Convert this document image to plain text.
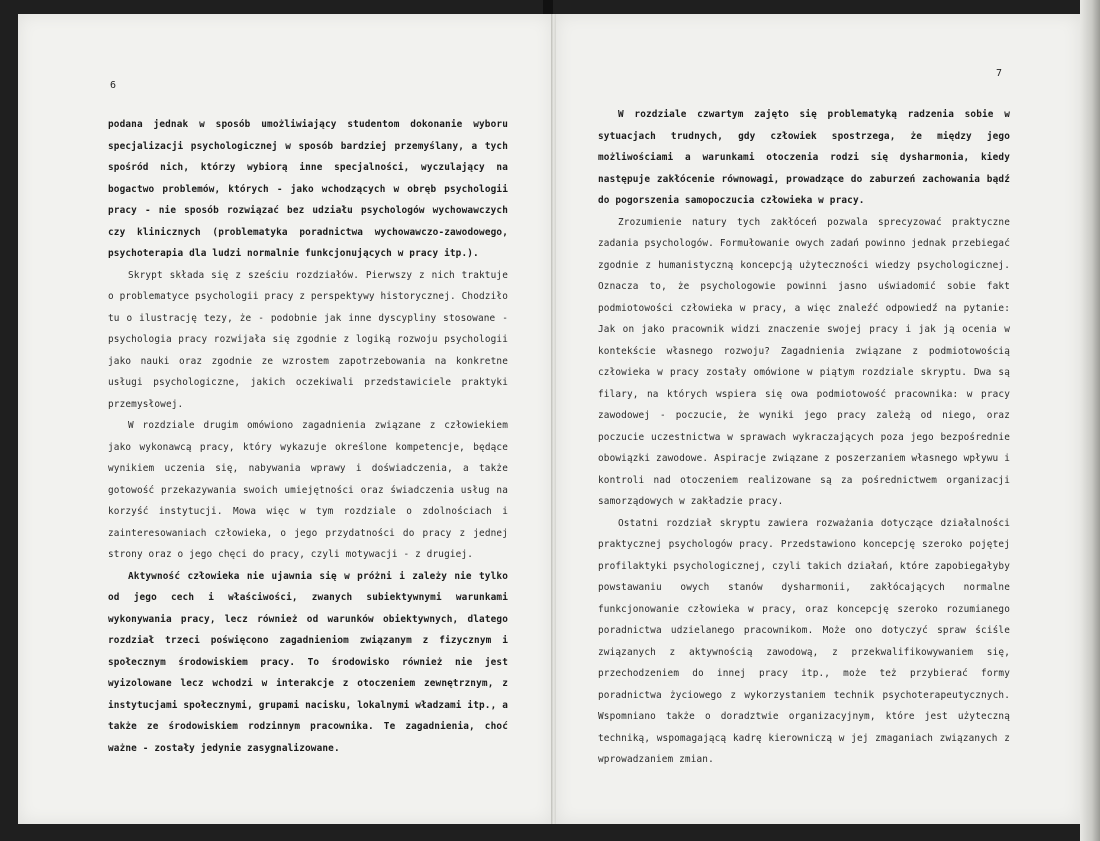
6
7

podana jednak w sposób umożliwiający studentom dokonanie wyboru specjalizacji psychologicznej w sposób bardziej przemyślany, a tych spośród nich, którzy wybiorą inne specjalności, wyczulający na bogactwo problemów, których - jako wchodzących w obręb psychologii pracy - nie sposób rozwiązać bez udziału psychologów wychowawczych czy klinicznych (problematyka poradnictwa wychowawczo-zawodowego, psychoterapia dla ludzi normalnie funkcjonujących w pracy itp.).

Skrypt składa się z sześciu rozdziałów. Pierwszy z nich traktuje o problematyce psychologii pracy z perspektywy historycznej. Chodziło tu o ilustrację tezy, że - podobnie jak inne dyscypliny stosowane - psychologia pracy rozwijała się zgodnie z logiką rozwoju psychologii jako nauki oraz zgodnie ze wzrostem zapotrzebowania na konkretne usługi psychologiczne, jakich oczekiwali przedstawiciele praktyki przemysłowej.

W rozdziale drugim omówiono zagadnienia związane z człowiekiem jako wykonawcą pracy, który wykazuje określone kompetencje, będące wynikiem uczenia się, nabywania wprawy i doświadczenia, a także gotowość przekazywania swoich umiejętności oraz świadczenia usług na korzyść instytucji. Mowa więc w tym rozdziale o zdolnościach i zainteresowaniach człowieka, o jego przydatności do pracy z jednej strony oraz o jego chęci do pracy, czyli motywacji - z drugiej.

Aktywność człowieka nie ujawnia się w próżni i zależy nie tylko od jego cech i właściwości, zwanych subiektywnymi warunkami wykonywania pracy, lecz również od warunków obiektywnych, dlatego rozdział trzeci poświęcono zagadnieniom związanym z fizycznym i społecznym środowiskiem pracy. To środowisko również nie jest wyizolowane lecz wchodzi w interakcje z otoczeniem zewnętrznym, z instytucjami społecznymi, grupami nacisku, lokalnymi władzami itp., a także ze środowiskiem rodzinnym pracownika. Te zagadnienia, choć ważne - zostały jedynie zasygnalizowane.

W rozdziale czwartym zajęto się problematyką radzenia sobie w sytuacjach trudnych, gdy człowiek spostrzega, że między jego możliwościami a warunkami otoczenia rodzi się dysharmonia, kiedy następuje zakłócenie równowagi, prowadzące do zaburzeń zachowania bądź do pogorszenia samopoczucia człowieka w pracy.

Zrozumienie natury tych zakłóceń pozwala sprecyzować praktyczne zadania psychologów. Formułowanie owych zadań powinno jednak przebiegać zgodnie z humanistyczną koncepcją użyteczności wiedzy psychologicznej. Oznacza to, że psychologowie powinni jasno uświadomić sobie fakt podmiotowości człowieka w pracy, a więc znaleźć odpowiedź na pytanie: Jak on jako pracownik widzi znaczenie swojej pracy i jak ją ocenia w kontekście własnego rozwoju? Zagadnienia związane z podmiotowością człowieka w pracy zostały omówione w piątym rozdziale skryptu. Dwa są filary, na których wspiera się owa podmiotowość pracownika: w pracy zawodowej - poczucie, że wyniki jego pracy zależą od niego, oraz poczucie uczestnictwa w sprawach wykraczających poza jego bezpośrednie obowiązki zawodowe. Aspiracje związane z poszerzaniem własnego wpływu i kontroli nad otoczeniem realizowane są za pośrednictwem organizacji samorządowych w zakładzie pracy.

Ostatni rozdział skryptu zawiera rozważania dotyczące działalności praktycznej psychologów pracy. Przedstawiono koncepcję szeroko pojętej profilaktyki psychologicznej, czyli takich działań, które zapobiegałyby powstawaniu owych stanów dysharmonii, zakłócających normalne funkcjonowanie człowieka w pracy, oraz koncepcję szeroko rozumianego poradnictwa udzielanego pracownikom. Może ono dotyczyć spraw ściśle związanych z aktywnością zawodową, z przekwalifikowywaniem się, przechodzeniem do innej pracy itp., może też przybierać formy poradnictwa życiowego z wykorzystaniem technik psychoterapeutycznych. Wspomniano także o doradztwie organizacyjnym, które jest użyteczną techniką, wspomagającą kadrę kierowniczą w jej zmaganiach związanych z wprowadzaniem zmian.
